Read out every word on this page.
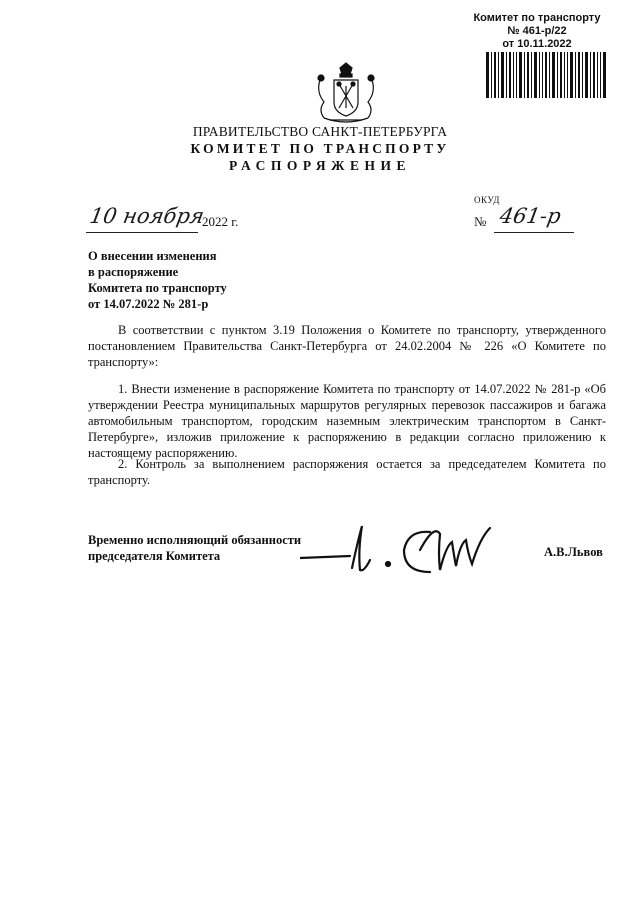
Комитет по транспорту
№ 461-р/22
от 10.11.2022
ПРАВИТЕЛЬСТВО САНКТ-ПЕТЕРБУРГА
КОМИТЕТ ПО ТРАНСПОРТУ
РАСПОРЯЖЕНИЕ
ОКУД
10 ноября
2022 г.	№ 461-р
О внесении изменения
в распоряжение
Комитета по транспорту
от 14.07.2022 № 281-р
В соответствии с пунктом 3.19 Положения о Комитете по транспорту, утвержденного постановлением Правительства Санкт-Петербурга от 24.02.2004 № 226 «О Комитете по транспорту»:
1. Внести изменение в распоряжение Комитета по транспорту от 14.07.2022 № 281-р «Об утверждении Реестра муниципальных маршрутов регулярных перевозок пассажиров и багажа автомобильным транспортом, городским наземным электрическим транспортом в Санкт-Петербурге», изложив приложение к распоряжению в редакции согласно приложению к настоящему распоряжению.
2. Контроль за выполнением распоряжения остается за председателем Комитета по транспорту.
Временно исполняющий обязанности
председателя Комитета	А.В.Львов
